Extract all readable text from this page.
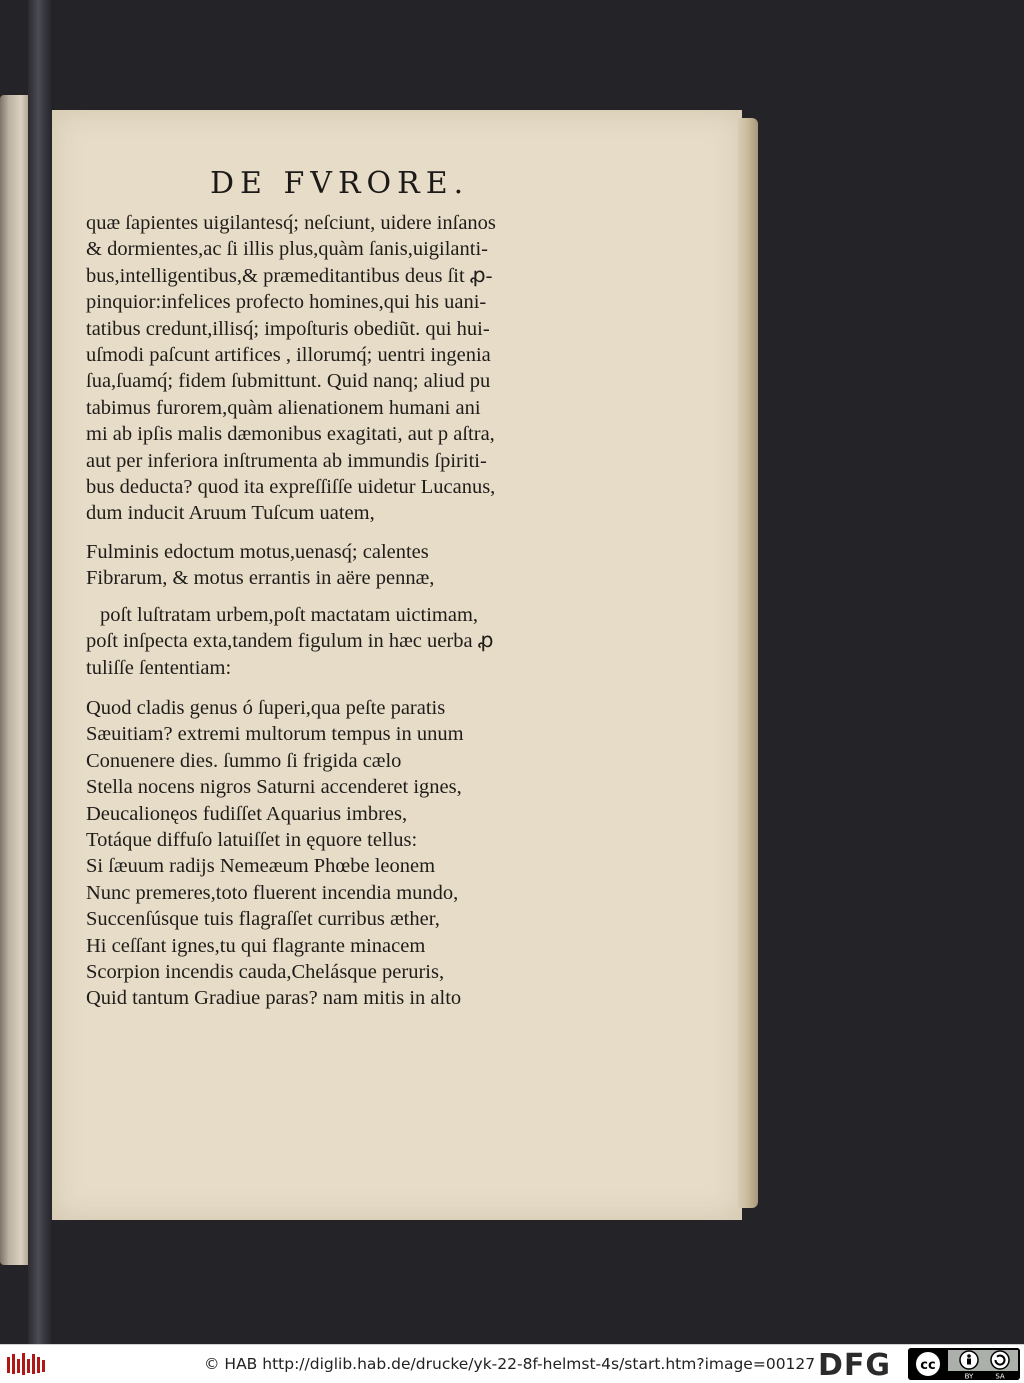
DE FVRORE.
quæ ſapientes uigilantesq́; neſciunt, uidere inſanos
& dormientes,ac ſi illis plus,quàm ſanis,uigilanti-
bus,intelligentibus,& præmeditantibus deus ſit ꝓ-
pinquior:infelices profecto homines,qui his uani-
tatibus credunt,illisq́; impoſturis obediũt. qui hui-
uſmodi paſcunt artifices , illorumq́; uentri ingenia
ſua,ſuamq́; fidem ſubmittunt. Quid nanq; aliud pu
tabimus furorem,quàm alienationem humani ani
mi ab ipſis malis dæmonibus exagitati, aut p aſtra,
aut per inferiora inſtrumenta ab immundis ſpiriti-
bus deducta? quod ita expreſſiſſe uidetur Lucanus,
dum inducit Aruum Tuſcum uatem,
Fulminis edoctum motus,uenasq́; calentes
Fibrarum, & motus errantis in aëre pennæ,
poſt luſtratam urbem,poſt mactatam uictimam,
poſt inſpecta exta,tandem figulum in hæc uerba ꝓ
tuliſſe ſententiam:
Quod cladis genus ó ſuperi,qua peſte paratis
Sæuitiam? extremi multorum tempus in unum
Conuenere dies. ſummo ſi frigida cælo
Stella nocens nigros Saturni accenderet ignes,
Deucalionęos fudiſſet Aquarius imbres,
Totáque diffuſo latuiſſet in ęquore tellus:
Si ſæuum radijs Nemeæum Phœbe leonem
Nunc premeres,toto fluerent incendia mundo,
Succenſúsque tuis flagraſſet curribus æther,
Hi ceſſant ignes,tu qui flagrante minacem
Scorpion incendis cauda,Chelásque peruris,
Quid tantum Gradiue paras? nam mitis in alto
© HAB http://diglib.hab.de/drucke/yk-22-8f-helmst-4s/start.htm?image=00127 DFG cc
BY	SA
